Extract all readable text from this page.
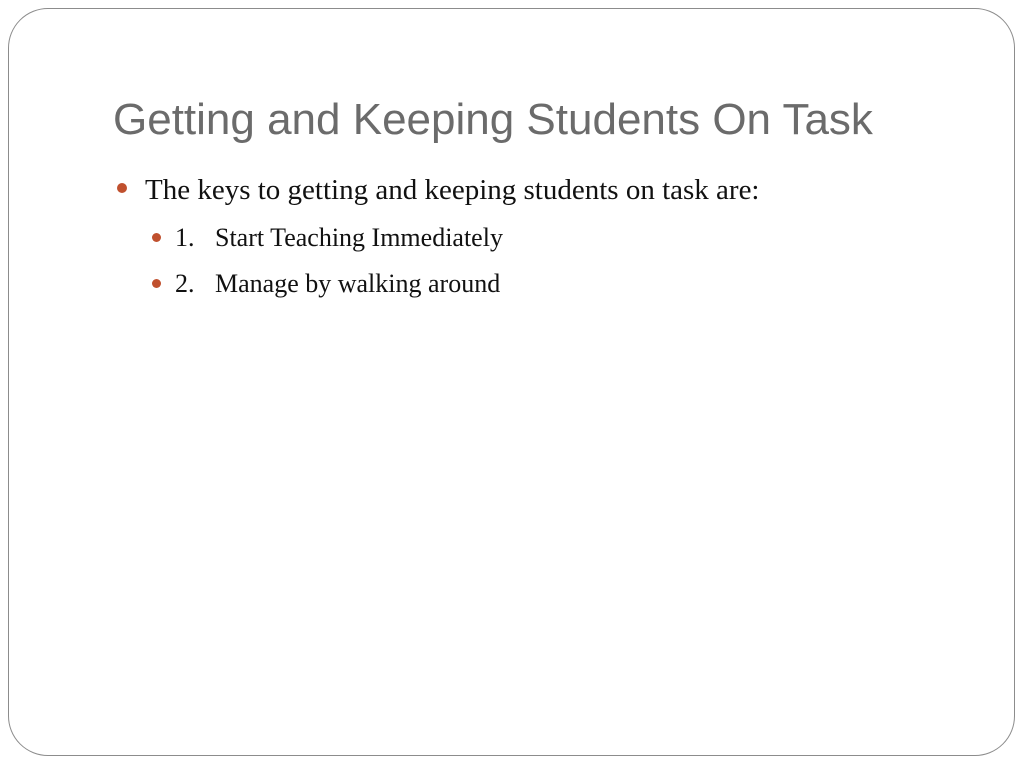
Getting and Keeping Students On Task
The keys to getting and keeping students on task are:
1. Start Teaching Immediately
2. Manage by walking around
